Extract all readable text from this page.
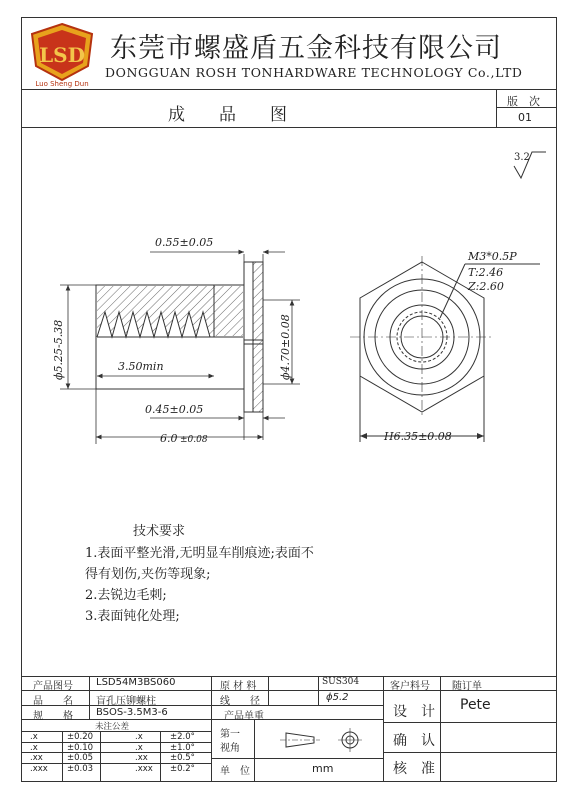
LSD
Luo Sheng Dun
东莞市螺盛盾五金科技有限公司
DONGGUAN ROSH TONHARDWARE TECHNOLOGY Co.,LTD
成　　品　　图
版　次
01
3.2
0.55±0.05
ϕ5.25-5.38	3.50min	ϕ4.70±0.08
0.45±0.05
6.0 ±0.08
M3*0.5P
T:2.46
Z:2.60
H6.35±0.08
技术要求
1.表面平整光滑,无明显车削痕迹;表面不
得有划伤,夹伤等现象;
2.去锐边毛刺;
3.表面钝化处理;
产品图号 LSD54M3BS060
品　　名 盲孔压铆螺柱
规　　格 BSOS-3.5M3-6	产品单重
原 材 料	SUS304
线　　径	ϕ5.2
客户料号 随订单
设　计 Pete
确　认
核　准
未注公差
.x	±0.20	.x	±2.0°
.x	±0.10	.x	±1.0°
.xx	±0.05	.xx	±0.5°
.xxx ±0.03	.xxx ±0.2°
第一
视角
单　位	mm
